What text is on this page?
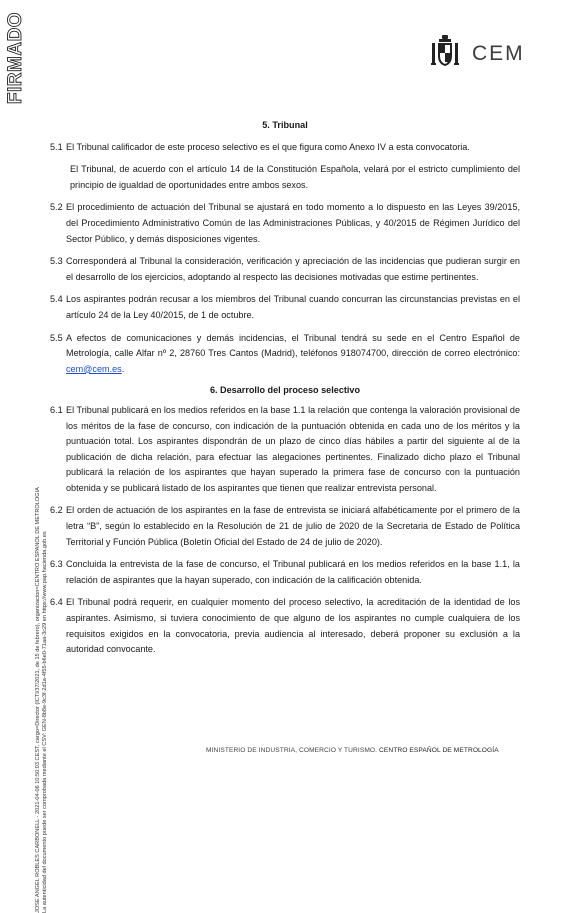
FIRMADO
JOSE ANGEL ROBLES CARBONELL - 2021-04-06 10:50:03 CEST, cargo=Director (ICTI/37/2021, de 15 de febrero), organizacion=CENTRO ESPAÑOL DE METROLOGIA La autenticidad del documento puede ser comprobada mediante el CSV: GEN-8b8e-9c3f-2d1a-4f55-b6e0-71aa-3c29 en https://www.pap.hacienda.gob.es
CEM
5. Tribunal
5.1 El Tribunal calificador de este proceso selectivo es el que figura como Anexo IV a esta convocatoria.
El Tribunal, de acuerdo con el artículo 14 de la Constitución Española, velará por el estricto cumplimiento del principio de igualdad de oportunidades entre ambos sexos.
5.2 El procedimiento de actuación del Tribunal se ajustará en todo momento a lo dispuesto en las Leyes 39/2015, del Procedimiento Administrativo Común de las Administraciones Públicas, y 40/2015 de Régimen Jurídico del Sector Público, y demás disposiciones vigentes.
5.3 Corresponderá al Tribunal la consideración, verificación y apreciación de las incidencias que pudieran surgir en el desarrollo de los ejercicios, adoptando al respecto las decisiones motivadas que estime pertinentes.
5.4 Los aspirantes podrán recusar a los miembros del Tribunal cuando concurran las circunstancias previstas en el artículo 24 de la Ley 40/2015, de 1 de octubre.
5.5 A efectos de comunicaciones y demás incidencias, el Tribunal tendrá su sede en el Centro Español de Metrología, calle Alfar nº 2, 28760 Tres Cantos (Madrid), teléfonos 918074700, dirección de correo electrónico: cem@cem.es.
6. Desarrollo del proceso selectivo
6.1 El Tribunal publicará en los medios referidos en la base 1.1 la relación que contenga la valoración provisional de los méritos de la fase de concurso, con indicación de la puntuación obtenida en cada uno de los méritos y la puntuación total. Los aspirantes dispondrán de un plazo de cinco días hábiles a partir del siguiente al de la publicación de dicha relación, para efectuar las alegaciones pertinentes. Finalizado dicho plazo el Tribunal publicará la relación de los aspirantes que hayan superado la primera fase de concurso con la puntuación obtenida y se publicará listado de los aspirantes que tienen que realizar entrevista personal.
6.2 El orden de actuación de los aspirantes en la fase de entrevista se iniciará alfabéticamente por el primero de la letra “B”, según lo establecido en la Resolución de 21 de julio de 2020 de la Secretaria de Estado de Política Territorial y Función Pública (Boletín Oficial del Estado de 24 de julio de 2020).
6.3 Concluida la entrevista de la fase de concurso, el Tribunal publicará en los medios referidos en la base 1.1, la relación de aspirantes que la hayan superado, con indicación de la calificación obtenida.
6.4 El Tribunal podrá requerir, en cualquier momento del proceso selectivo, la acreditación de la identidad de los aspirantes. Asimismo, si tuviera conocimiento de que alguno de los aspirantes no cumple cualquiera de los requisitos exigidos en la convocatoria, previa audiencia al interesado, deberá proponer su exclusión a la autoridad convocante.
MINISTERIO DE INDUSTRIA, COMERCIO Y TURISMO. CENTRO ESPAÑOL DE METROLOGÍA
